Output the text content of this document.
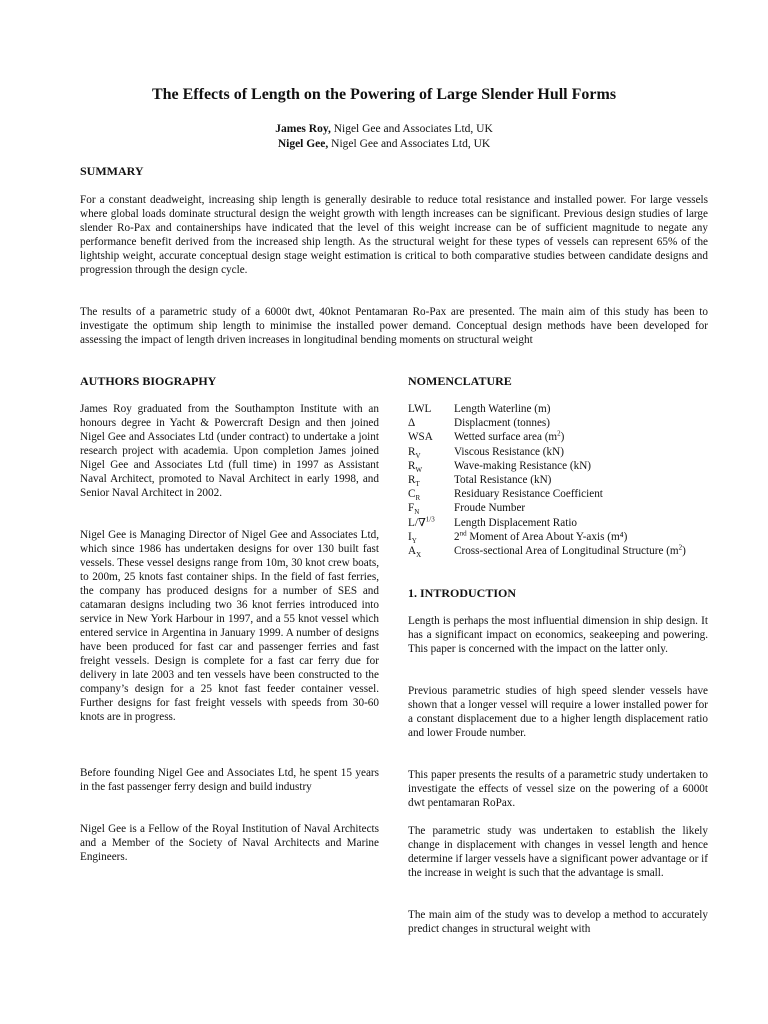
The Effects of Length on the Powering of Large Slender Hull Forms
James Roy, Nigel Gee and Associates Ltd, UK
Nigel Gee, Nigel Gee and Associates Ltd, UK
SUMMARY

For a constant deadweight, increasing ship length is generally desirable to reduce total resistance and installed power. For large vessels where global loads dominate structural design the weight growth with length increases can be significant. Previous design studies of large slender Ro-Pax and containerships have indicated that the level of this weight increase can be of sufficient magnitude to negate any performance benefit derived from the increased ship length. As the structural weight for these types of vessels can represent 65% of the lightship weight, accurate conceptual design stage weight estimation is critical to both comparative studies between candidate designs and progression through the design cycle.

The results of a parametric study of a 6000t dwt, 40knot Pentamaran Ro-Pax are presented. The main aim of this study has been to investigate the optimum ship length to minimise the installed power demand. Conceptual design methods have been developed for assessing the impact of length driven increases in longitudinal bending moments on structural weight

AUTHORS BIOGRAPHY

James Roy graduated from the Southampton Institute with an honours degree in Yacht & Powercraft Design and then joined Nigel Gee and Associates Ltd (under contract) to undertake a joint research project with academia. Upon completion James joined Nigel Gee and Associates Ltd (full time) in 1997 as Assistant Naval Architect, promoted to Naval Architect in early 1998, and Senior Naval Architect in 2002.

Nigel Gee is Managing Director of Nigel Gee and Associates Ltd, which since 1986 has undertaken designs for over 130 built fast vessels. These vessel designs range from 10m, 30 knot crew boats, to 200m, 25 knots fast container ships. In the field of fast ferries, the company has produced designs for a number of SES and catamaran designs including two 36 knot ferries introduced into service in New York Harbour in 1997, and a 55 knot vessel which entered service in Argentina in January 1999. A number of designs have been produced for fast car and passenger ferries and fast freight vessels. Design is complete for a fast car ferry due for delivery in late 2003 and ten vessels have been constructed to the company’s design for a 25 knot fast feeder container vessel. Further designs for fast freight vessels with speeds from 30-60 knots are in progress.

Before founding Nigel Gee and Associates Ltd, he spent 15 years in the fast passenger ferry design and build industry

Nigel Gee is a Fellow of the Royal Institution of Naval Architects and a Member of the Society of Naval Architects and Marine Engineers.

NOMENCLATURE
LWL	Length Waterline (m)
Δ	Displacment (tonnes)
WSA	Wetted surface area $(m^2)$
$R_V$	Viscous Resistance (kN)
$R_W$	Wave-making Resistance (kN)
$R_T$	Total Resistance (kN)
$C_R$	Residuary Resistance Coefficient
$F_N$	Froude Number
L/∇$^{1/3}$	Length Displacement Ratio
$I_Y$	2nd Moment of Area About Y-axis (m⁴)
$A_X$	Cross-sectional Area of Longitudinal Structure $(m^2)$
1. INTRODUCTION

Length is perhaps the most influential dimension in ship design. It has a significant impact on economics, seakeeping and powering. This paper is concerned with the impact on the latter only.

Previous parametric studies of high speed slender vessels have shown that a longer vessel will require a lower installed power for a constant displacement due to a higher length displacement ratio and lower Froude number.

This paper presents the results of a parametric study undertaken to investigate the effects of vessel size on the powering of a 6000t dwt pentamaran RoPax.

The parametric study was undertaken to establish the likely change in displacement with changes in vessel length and hence determine if larger vessels have a significant power advantage or if the increase in weight is such that the advantage is small.

The main aim of the study was to develop a method to accurately predict changes in structural weight with
